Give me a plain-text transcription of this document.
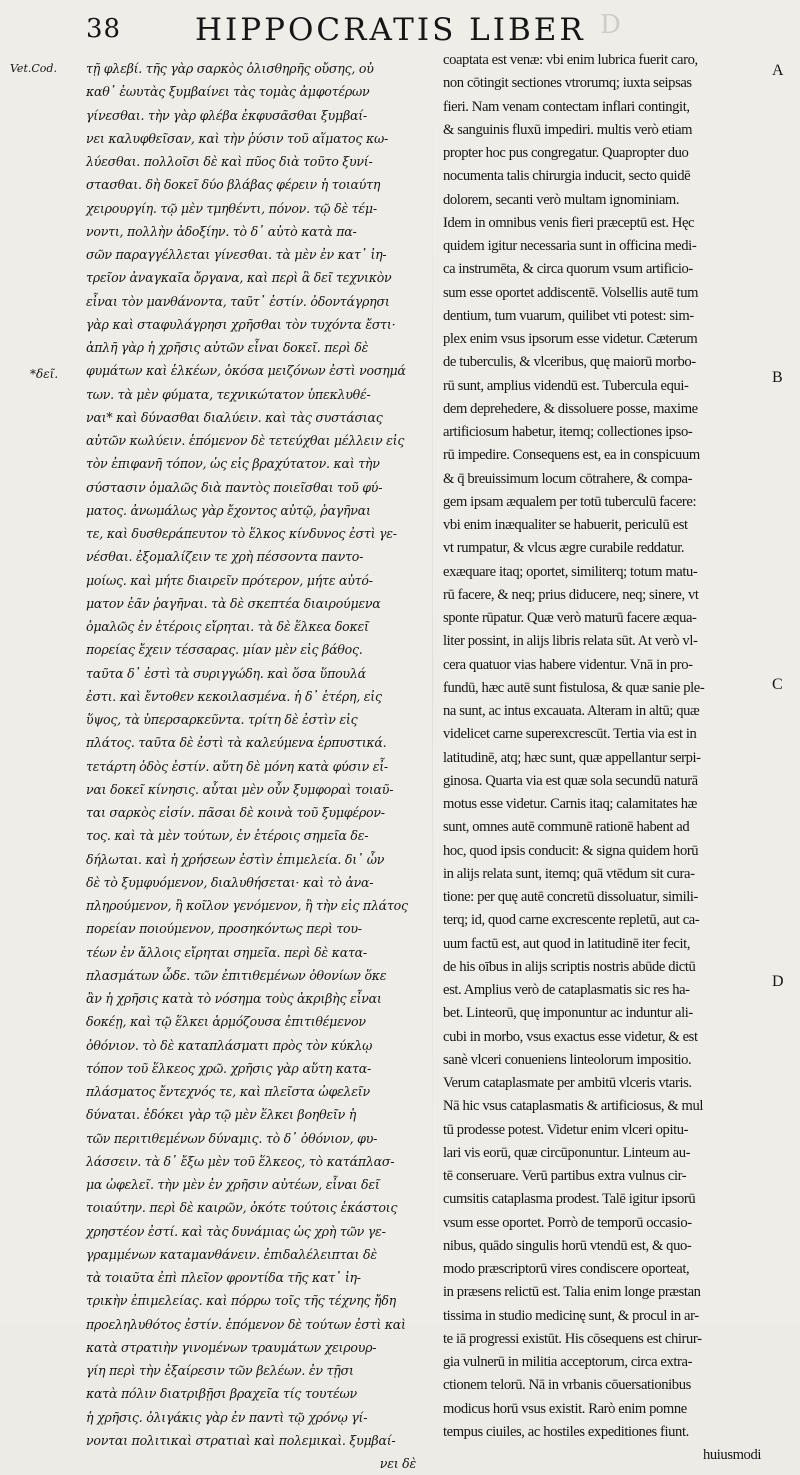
D
38 HIPPOCRATIS LIBER
Vet.Cod.
*δεῖ.
τῇ φλεβί. τῆς γὰρ σαρκὸς ὀλισθηρῆς οὔσης, οὐ
καθ᾽ ἑωυτὰς ξυμβαίνει τὰς τομὰς ἀμφοτέρων
γίνεσθαι. τὴν γὰρ φλέβα ἐκφυσᾶσθαι ξυμβαί-
νει καλυφθεῖσαν, καὶ τὴν ῥύσιν τοῦ αἵματος κω-
λύεσθαι. πολλοῖσι δὲ καὶ πῦος διὰ τοῦτο ξυνί-
στασθαι. δὴ δοκεῖ δύο βλάβας φέρειν ἡ τοιαύτη
χειρουργίη. τῷ μὲν τμηθέντι, πόνον. τῷ δὲ τέμ-
νοντι, πολλὴν ἀδοξίην. τὸ δ᾽ αὐτὸ κατὰ πα-
σῶν παραγγέλλεται γίνεσθαι. τὰ μὲν ἐν κατ᾽ ἰη-
τρεῖον ἀναγκαῖα ὄργανα, καὶ περὶ ἃ δεῖ τεχνικὸν
εἶναι τὸν μανθάνοντα, ταῦτ᾽ ἐστίν. ὀδοντάγρησι
γὰρ καὶ σταφυλάγρησι χρῆσθαι τὸν τυχόντα ἔστι·
ἁπλῆ γὰρ ἡ χρῆσις αὐτῶν εἶναι δοκεῖ. περὶ δὲ
φυμάτων καὶ ἑλκέων, ὁκόσα μειζόνων ἐστὶ νοσημά
των. τὰ μὲν φύματα, τεχνικώτατον ὑπεκλυθέ-
ναι* καὶ δύνασθαι διαλύειν. καὶ τὰς συστάσιας
αὐτῶν κωλύειν. ἑπόμενον δὲ τετεύχθαι μέλλειν εἰς
τὸν ἐπιφανῆ τόπον, ὡς εἰς βραχύτατον. καὶ τὴν
σύστασιν ὁμαλῶς διὰ παντὸς ποιεῖσθαι τοῦ φύ-
ματος. ἀνωμάλως γὰρ ἔχοντος αὐτῷ, ῥαγῆναι
τε, καὶ δυσθεράπευτον τὸ ἕλκος κίνδυνος ἐστὶ γε-
νέσθαι. ἐξομαλίζειν τε χρὴ πέσσοντα παντο-
μοίως. καὶ μήτε διαιρεῖν πρότερον, μήτε αὐτό-
ματον ἐᾶν ῥαγῆναι. τὰ δὲ σκεπτέα διαιρούμενα
ὁμαλῶς ἐν ἑτέροις εἴρηται. τὰ δὲ ἕλκεα δοκεῖ
πορείας ἔχειν τέσσαρας. μίαν μὲν εἰς βάθος.
ταῦτα δ᾽ ἐστὶ τὰ συριγγώδη. καὶ ὅσα ὕπουλά
ἐστι. καὶ ἔντοθεν κεκοιλασμένα. ἡ δ᾽ ἑτέρη, εἰς
ὕψος, τὰ ὑπερσαρκεῦντα. τρίτη δὲ ἐστὶν εἰς
πλάτος. ταῦτα δὲ ἐστὶ τὰ καλεύμενα ἑρπυστικά.
τετάρτη ὁδὸς ἐστίν. αὕτη δὲ μόνη κατὰ φύσιν εἶ-
ναι δοκεῖ κίνησις. αὗται μὲν οὖν ξυμφοραὶ τοιαῦ-
ται σαρκὸς εἰσίν. πᾶσαι δὲ κοινὰ τοῦ ξυμφέρον-
τος. καὶ τὰ μὲν τούτων, ἐν ἑτέροις σημεῖα δε-
δήλωται. καὶ ἡ χρήσεων ἐστὶν ἐπιμελεία. δι᾽ ὧν
δὲ τὸ ξυμφυόμενον, διαλυθήσεται· καὶ τὸ ἀνα-
πληρούμενον, ἢ κοῖλον γενόμενον, ἢ τὴν εἰς πλάτος
πορείαν ποιούμενον, προσηκόντως περὶ του-
τέων ἐν ἄλλοις εἴρηται σημεῖα. περὶ δὲ κατα-
πλασμάτων ὧδε. τῶν ἐπιτιθεμένων ὀθονίων ὅκε
ἂν ἡ χρῆσις κατὰ τὸ νόσημα τοὺς ἀκριβὴς εἶναι
δοκέῃ, καὶ τῷ ἕλκει ἁρμόζουσα ἐπιτιθέμενον
ὀθόνιον. τὸ δὲ καταπλάσματι πρὸς τὸν κύκλῳ
τόπον τοῦ ἕλκεος χρῶ. χρῆσις γὰρ αὕτη κατα-
πλάσματος ἔντεχνός τε, καὶ πλεῖστα ὠφελεῖν
δύναται. ἐδόκει γὰρ τῷ μὲν ἕλκει βοηθεῖν ἡ
τῶν περιτιθεμένων δύναμις. τὸ δ᾽ ὀθόνιον, φυ-
λάσσειν. τὰ δ᾽ ἔξω μὲν τοῦ ἕλκεος, τὸ κατάπλασ-
μα ὠφελεῖ. τὴν μὲν ἐν χρῆσιν αὐτέων, εἶναι δεῖ
τοιαύτην. περὶ δὲ καιρῶν, ὁκότε τούτοις ἑκάστοις
χρηστέον ἐστί. καὶ τὰς δυνάμιας ὡς χρὴ τῶν γε-
γραμμένων καταμανθάνειν. ἐπιδαλέλειπται δὲ
τὰ τοιαῦτα ἐπὶ πλεῖον φροντίδα τῆς κατ᾽ ἰη-
τρικὴν ἐπιμελείας. καὶ πόρρω τοῖς τῆς τέχνης ἤδη
προεληλυθότος ἐστίν. ἑπόμενον δὲ τούτων ἐστὶ καὶ
κατὰ στρατιὴν γινομένων τραυμάτων χειρουρ-
γίη περὶ τὴν ἐξαίρεσιν τῶν βελέων. ἐν τῇσι
κατὰ πόλιν διατριβῇσι βραχεῖα τίς τουτέων
ἡ χρῆσις. ὀλιγάκις γὰρ ἐν παντὶ τῷ χρόνῳ γί-
νονται πολιτικαὶ στρατιαὶ καὶ πολεμικαὶ. ξυμβαί-
νει δὲ
coaptata est venæ: vbi enim lubrica fuerit caro,
non cōtingit sectiones vtrorumq; iuxta seipsas
fieri. Nam venam contectam inflari contingit,
& sanguinis fluxū impediri. multis verò etiam
propter hoc pus congregatur. Quapropter duo
nocumenta talis chirurgia inducit, secto quidē
dolorem, secanti verò multam ignominiam.
Idem in omnibus venis fieri præceptū est. Hęc
quidem igitur necessaria sunt in officina medi-
ca instrumēta, & circa quorum vsum artificio-
sum esse oportet addiscentē. Volsellis autē tum
dentium, tum vuarum, quilibet vti potest: sim-
plex enim vsus ipsorum esse videtur. Cæterum
de tuberculis, & vlceribus, quę maiorū morbo-
rū sunt, amplius videndū est. Tubercula equi-
dem deprehedere, & dissoluere posse, maxime
artificiosum habetur, itemq; collectiones ipso-
rū impedire. Consequens est, ea in conspicuum
& q̄ breuissimum locum cōtrahere, & compa-
gem ipsam æqualem per totū tuberculū facere:
vbi enim inæqualiter se habuerit, periculū est
vt rumpatur, & vlcus ægre curabile reddatur.
exæquare itaq; oportet, similiterq; totum matu-
rū facere, & neq; prius diducere, neq; sinere, vt
sponte rūpatur. Quæ verò maturū facere æqua-
liter possint, in alijs libris relata sūt. At verò vl-
cera quatuor vias habere videntur. Vnā in pro-
fundū, hæc autē sunt fistulosa, & quæ sanie ple-
na sunt, ac intus excauata. Alteram in altū; quæ
videlicet carne superexcrescūt. Tertia via est in
latitudinē, atq; hæc sunt, quæ appellantur serpi-
ginosa. Quarta via est quæ sola secundū naturā
motus esse videtur. Carnis itaq; calamitates hæ
sunt, omnes autē communē rationē habent ad
hoc, quod ipsis conducit: & signa quidem horū
in alijs relata sunt, itemq; quā vtēdum sit cura-
tione: per quę autē concretū dissoluatur, simili-
terq; id, quod carne excrescente repletū, aut ca-
uum factū est, aut quod in latitudinē iter fecit,
de his oībus in alijs scriptis nostris abūde dictū
est. Amplius verò de cataplasmatis sic res ha-
bet. Linteorū, quę imponuntur ac induntur ali-
cubi in morbo, vsus exactus esse videtur, & est
sanè vlceri conueniens linteolorum impositio.
Verum cataplasmate per ambitū vlceris vtaris.
Nā hic vsus cataplasmatis & artificiosus, & mul
tū prodesse potest. Videtur enim vlceri opitu-
lari vis eorū, quæ circūponuntur. Linteum au-
tē conseruare. Verū partibus extra vulnus cir-
cumsitis cataplasma prodest. Talē igitur ipsorū
vsum esse oportet. Porrò de temporū occasio-
nibus, quādo singulis horū vtendū est, & quo-
modo præscriptorū vires condiscere oporteat,
in præsens relictū est. Talia enim longe præstan
tissima in studio medicinę sunt, & procul in ar-
te iā progressi existūt. His cōsequens est chirur-
gia vulnerū in militia acceptorum, circa extra-
ctionem telorū. Nā in vrbanis cōuersationibus
modicus horū vsus existit. Rarò enim pomne
tempus ciuiles, ac hostiles expeditiones fiunt.
huiusmodi
A
B
C
D
